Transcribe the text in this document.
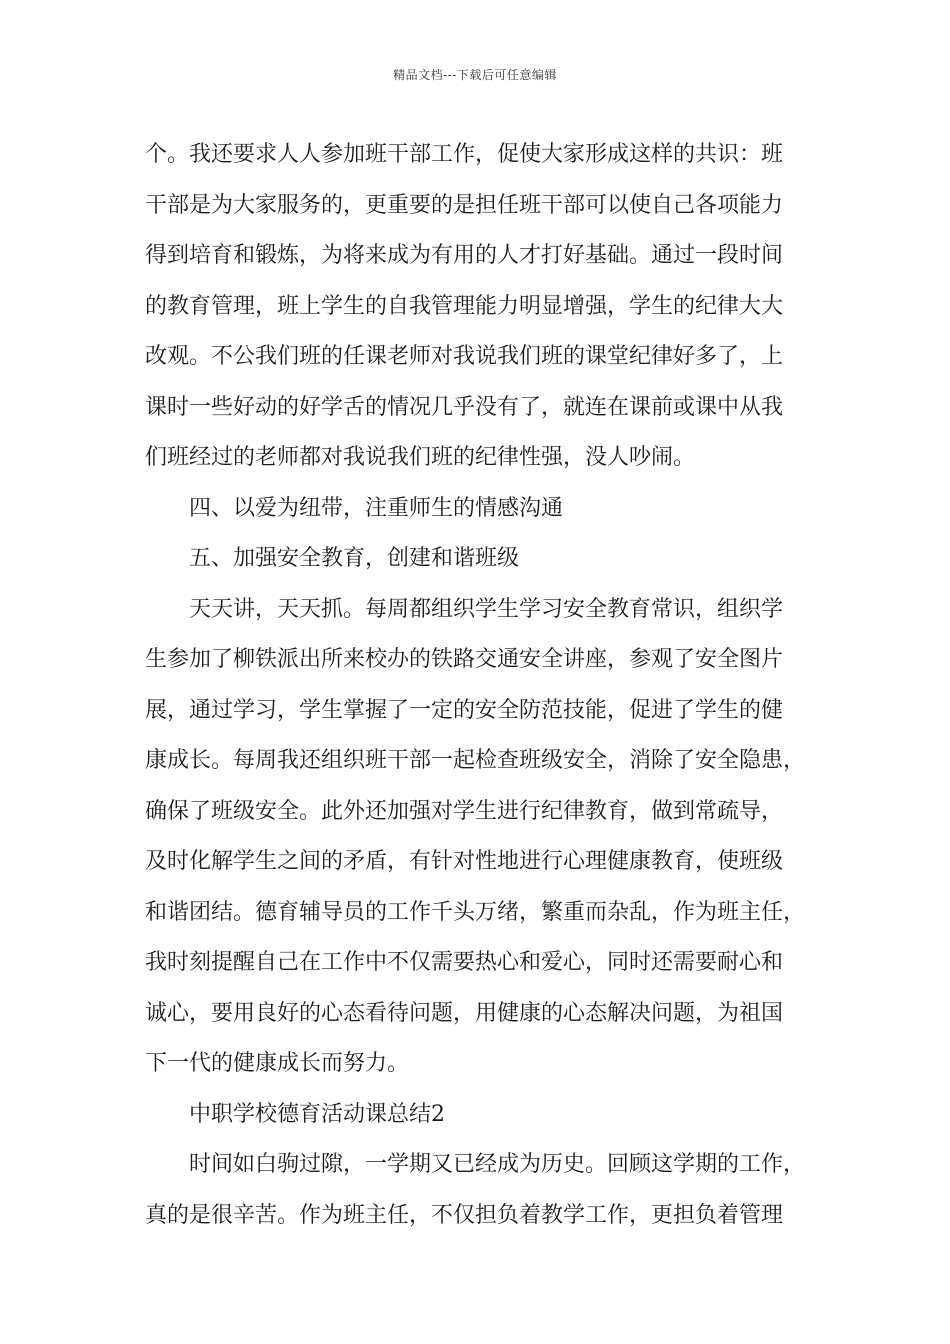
精品文档---下载后可任意编辑
个。我还要求人人参加班干部工作，促使大家形成这样的共识：班
干部是为大家服务的，更重要的是担任班干部可以使自己各项能力
得到培育和锻炼，为将来成为有用的人才打好基础。通过一段时间
的教育管理，班上学生的自我管理能力明显增强，学生的纪律大大
改观。不公我们班的任课老师对我说我们班的课堂纪律好多了，上
课时一些好动的好学舌的情况几乎没有了，就连在课前或课中从我
们班经过的老师都对我说我们班的纪律性强，没人吵闹。
四、以爱为纽带，注重师生的情感沟通
五、加强安全教育，创建和谐班级
天天讲，天天抓。每周都组织学生学习安全教育常识，组织学
生参加了柳铁派出所来校办的铁路交通安全讲座，参观了安全图片
展，通过学习，学生掌握了一定的安全防范技能，促进了学生的健
康成长。每周我还组织班干部一起检查班级安全，消除了安全隐患，
确保了班级安全。此外还加强对学生进行纪律教育，做到常疏导，
及时化解学生之间的矛盾，有针对性地进行心理健康教育，使班级
和谐团结。德育辅导员的工作千头万绪，繁重而杂乱，作为班主任，
我时刻提醒自己在工作中不仅需要热心和爱心，同时还需要耐心和
诚心，要用良好的心态看待问题，用健康的心态解决问题，为祖国
下一代的健康成长而努力。
中职学校德育活动课总结2
时间如白驹过隙，一学期又已经成为历史。回顾这学期的工作，
真的是很辛苦。作为班主任，不仅担负着教学工作，更担负着管理
